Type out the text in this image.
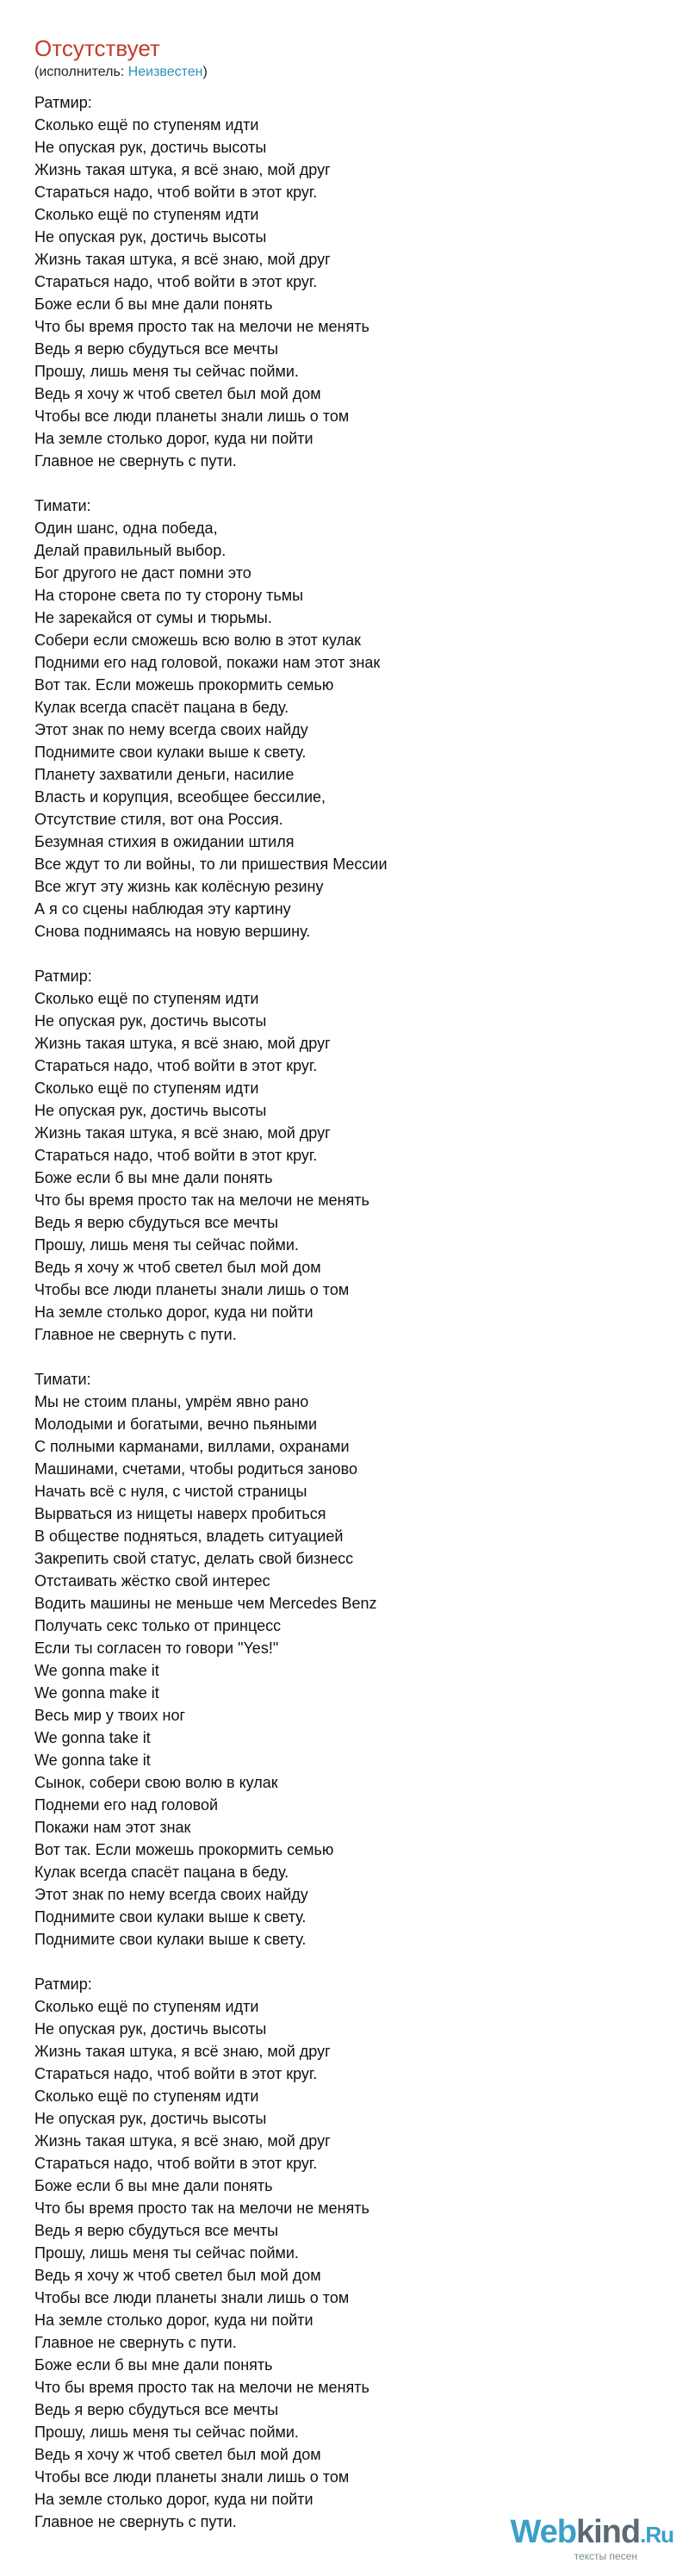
Отсутствует
(исполнитель: Неизвестен)
Ратмир:
Сколько ещё по ступеням идти
Не опуская рук, достичь высоты
Жизнь такая штука, я всё знаю, мой друг
Стараться надо, чтоб войти в этот круг.
Сколько ещё по ступеням идти
Не опуская рук, достичь высоты
Жизнь такая штука, я всё знаю, мой друг
Стараться надо, чтоб войти в этот круг.
Боже если б вы мне дали понять
Что бы время просто так на мелочи не менять
Ведь я верю сбудуться все мечты
Прошу, лишь меня ты сейчас пойми.
Ведь я хочу ж чтоб светел был мой дом
Чтобы все люди планеты знали лишь о том
На земле столько дорог, куда ни пойти
Главное не свернуть с пути.
Тимати:
Один шанс, одна победа,
Делай правильный выбор.
Бог другого не даст помни это
На стороне света по ту сторону тьмы
Не зарекайся от сумы и тюрьмы.
Собери если сможешь всю волю в этот кулак
Подними его над головой, покажи нам этот знак
Вот так. Если можешь прокормить семью
Кулак всегда спасёт пацана в беду.
Этот знак по нему всегда своих найду
Поднимите свои кулаки выше к свету.
Планету захватили деньги, насилие
Власть и корупция, всеобщее бессилие,
Отсутствие стиля, вот она Россия.
Безумная стихия в ожидании штиля
Все ждут то ли войны, то ли пришествия Мессии
Все жгут эту жизнь как колёсную резину
А я со сцены наблюдая эту картину
Снова поднимаясь на новую вершину.
Ратмир:
Сколько ещё по ступеням идти
Не опуская рук, достичь высоты
Жизнь такая штука, я всё знаю, мой друг
Стараться надо, чтоб войти в этот круг.
Сколько ещё по ступеням идти
Не опуская рук, достичь высоты
Жизнь такая штука, я всё знаю, мой друг
Стараться надо, чтоб войти в этот круг.
Боже если б вы мне дали понять
Что бы время просто так на мелочи не менять
Ведь я верю сбудуться все мечты
Прошу, лишь меня ты сейчас пойми.
Ведь я хочу ж чтоб светел был мой дом
Чтобы все люди планеты знали лишь о том
На земле столько дорог, куда ни пойти
Главное не свернуть с пути.
Тимати:
Мы не стоим планы, умрём явно рано
Молодыми и богатыми, вечно пьяными
С полными карманами, виллами, охранами
Машинами, счетами, чтобы родиться заново
Начать всё с нуля, с чистой страницы
Вырваться из нищеты наверх пробиться
В обществе подняться, владеть ситуацией
Закрепить свой статус, делать свой бизнесс
Отстаивать жёстко свой интерес
Водить машины не меньше чем Mercedes Benz
Получать секс только от принцесс
Если ты согласен то говори "Yes!"
We gonna make it
We gonna make it
Весь мир у твоих ног
We gonna take it
We gonna take it
Сынок, собери свою волю в кулак
Поднеми его над головой
Покажи нам этот знак
Вот так. Если можешь прокормить семью
Кулак всегда спасёт пацана в беду.
Этот знак по нему всегда своих найду
Поднимите свои кулаки выше к свету.
Поднимите свои кулаки выше к свету.
Ратмир:
Сколько ещё по ступеням идти
Не опуская рук, достичь высоты
Жизнь такая штука, я всё знаю, мой друг
Стараться надо, чтоб войти в этот круг.
Сколько ещё по ступеням идти
Не опуская рук, достичь высоты
Жизнь такая штука, я всё знаю, мой друг
Стараться надо, чтоб войти в этот круг.
Боже если б вы мне дали понять
Что бы время просто так на мелочи не менять
Ведь я верю сбудуться все мечты
Прошу, лишь меня ты сейчас пойми.
Ведь я хочу ж чтоб светел был мой дом
Чтобы все люди планеты знали лишь о том
На земле столько дорог, куда ни пойти
Главное не свернуть с пути.
Боже если б вы мне дали понять
Что бы время просто так на мелочи не менять
Ведь я верю сбудуться все мечты
Прошу, лишь меня ты сейчас пойми.
Ведь я хочу ж чтоб светел был мой дом
Чтобы все люди планеты знали лишь о том
На земле столько дорог, куда ни пойти
Главное не свернуть с пути.	Webkind.Ru
тексты песен
